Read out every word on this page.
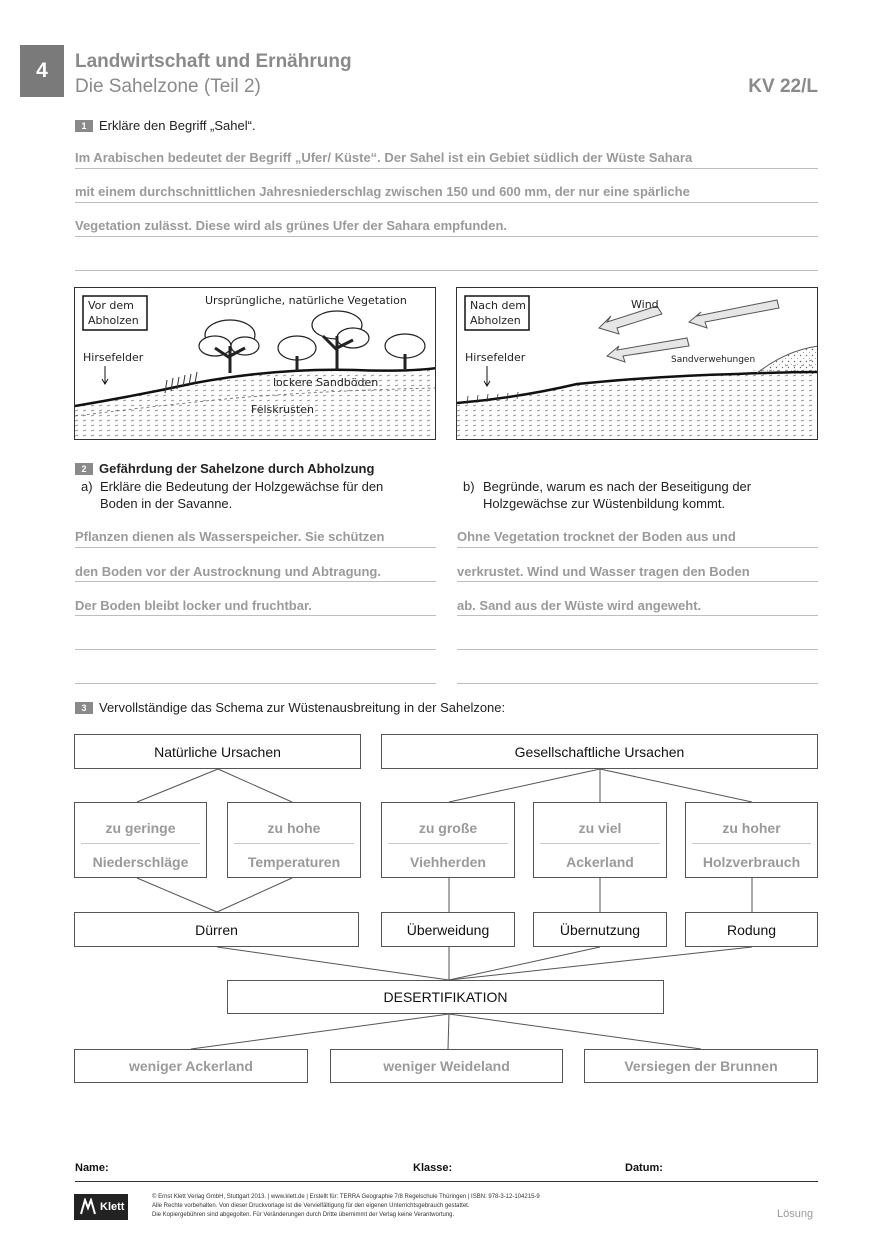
4	Landwirtschaft und Ernährung
Die Sahelzone (Teil 2)	KV 22/L
1 Erkläre den Begriff „Sahel“.
Im Arabischen bedeutet der Begriff „Ufer/ Küste“. Der Sahel ist ein Gebiet südlich der Wüste Sahara
mit einem durchschnittlichen Jahresniederschlag zwischen 150 und 600 mm, der nur eine spärliche
Vegetation zulässt. Diese wird als grünes Ufer der Sahara empfunden.
Vor dem
Abholzen
Ursprüngliche, natürliche Vegetation
Hirsefelder
lockere Sandböden
Felskrusten
Nach dem
Abholzen
Wind
Hirsefelder	Sandverwehungen
2 Gefährdung der Sahelzone durch Abholzung
a) Erkläre die Bedeutung der Holzgewächse für den
Boden in der Savanne.
b) Begründe, warum es nach der Beseitigung der
Holzgewächse zur Wüstenbildung kommt.
Pflanzen dienen als Wasserspeicher. Sie schützen
den Boden vor der Austrocknung und Abtragung.
Der Boden bleibt locker und fruchtbar.
Ohne Vegetation trocknet der Boden aus und
verkrustet. Wind und Wasser tragen den Boden
ab. Sand aus der Wüste wird angeweht.
3 Vervollständige das Schema zur Wüstenausbreitung in der Sahelzone:
Natürliche Ursachen	Gesellschaftliche Ursachen
zu geringe
Niederschläge
zu hohe
Temperaturen
zu große
Viehherden
zu viel
Ackerland
zu hoher
Holzverbrauch
Dürren	Überweidung	Übernutzung	Rodung
DESERTIFIKATION
weniger Ackerland	weniger Weideland	Versiegen der Brunnen
Name:	Klasse:	Datum:
Klett
© Ernst Klett Verlag GmbH, Stuttgart 2013. | www.klett.de | Erstellt für: TERRA Geographie 7/8 Regelschule Thüringen | ISBN: 978-3-12-104215-9
Alle Rechte vorbehalten. Von dieser Druckvorlage ist die Vervielfältigung für den eigenen Unterrichtsgebrauch gestattet.
Die Kopiergebühren sind abgegolten. Für Veränderungen durch Dritte übernimmt der Verlag keine Verantwortung.	Lösung
